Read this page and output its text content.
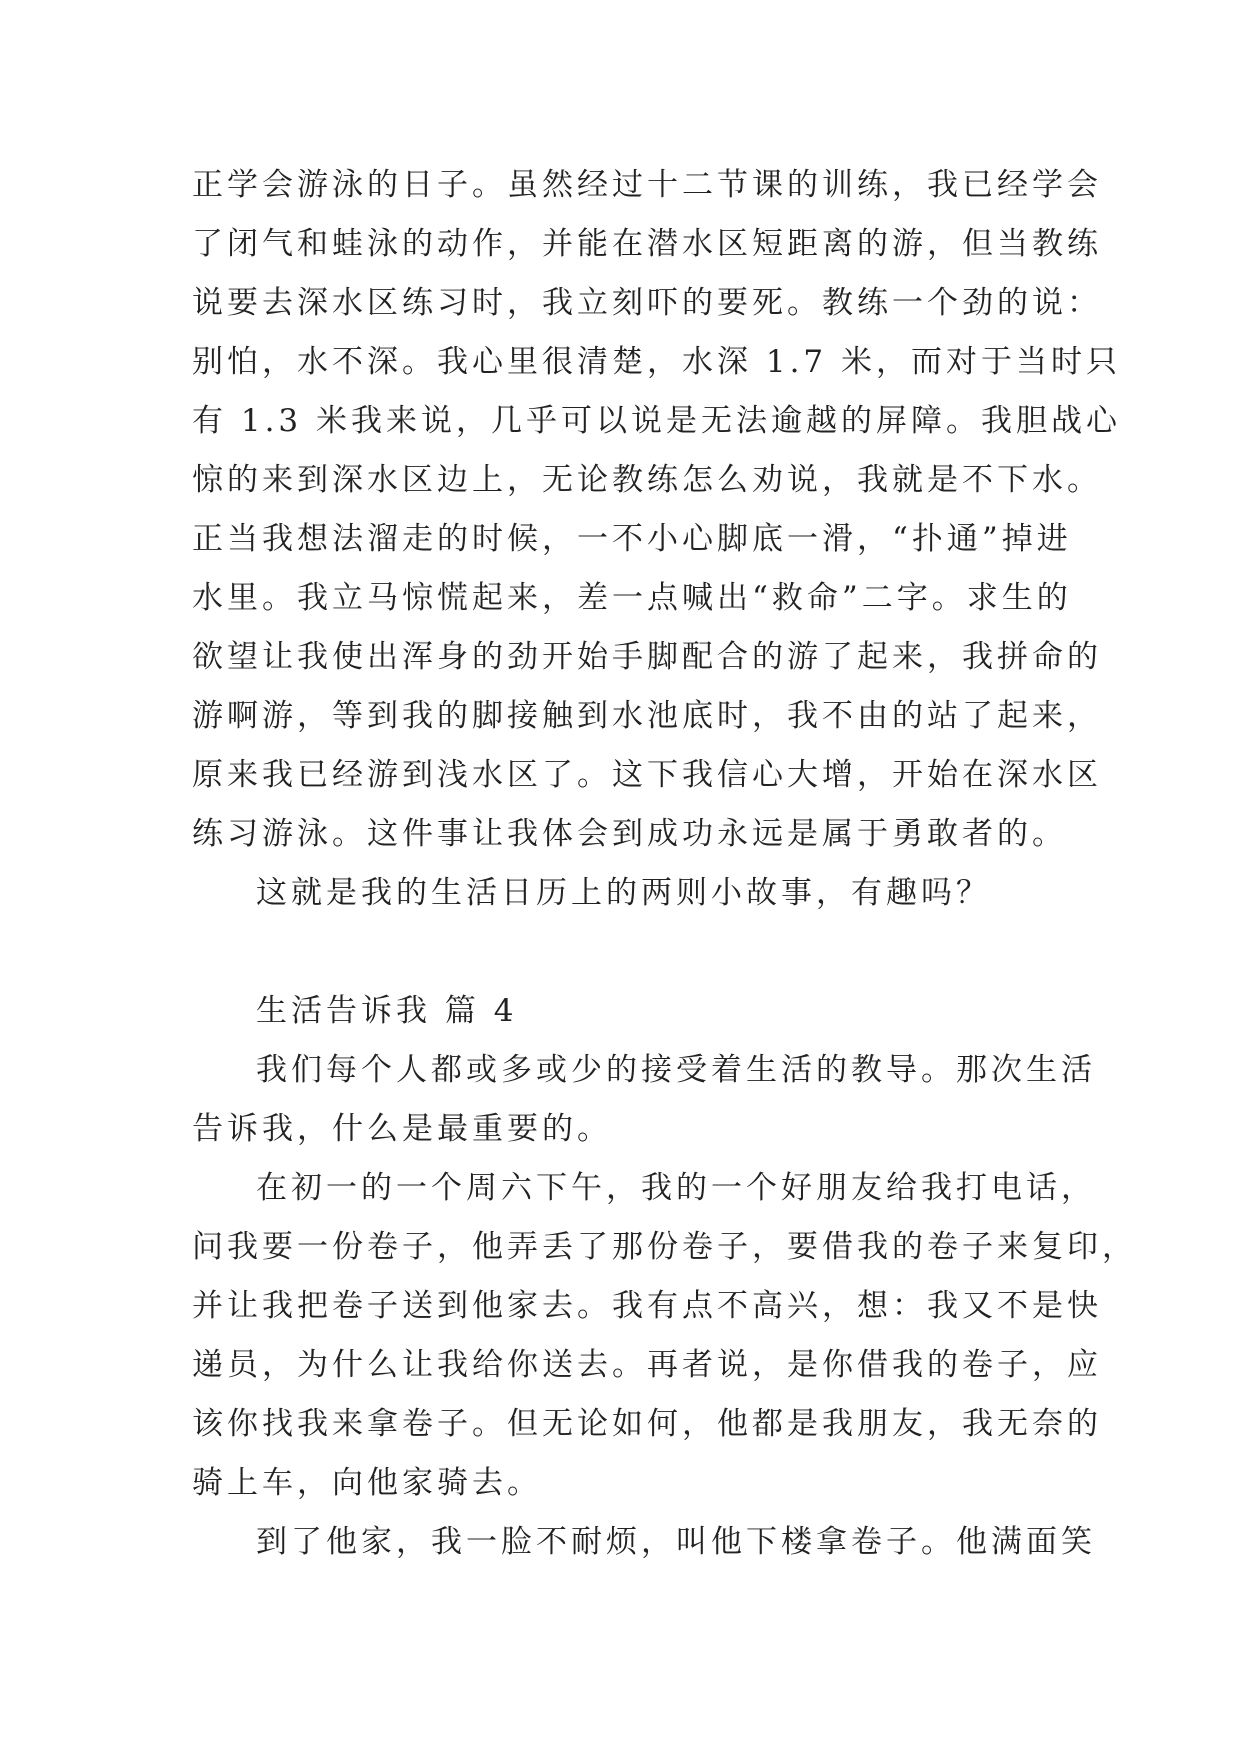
正学会游泳的日子。虽然经过十二节课的训练，我已经学会
了闭气和蛙泳的动作，并能在潜水区短距离的游，但当教练
说要去深水区练习时，我立刻吓的要死。教练一个劲的说：
别怕，水不深。我心里很清楚，水深 1.7 米，而对于当时只
有 1.3 米我来说，几乎可以说是无法逾越的屏障。我胆战心
惊的来到深水区边上，无论教练怎么劝说，我就是不下水。
正当我想法溜走的时候，一不小心脚底一滑，“扑通”掉进
水里。我立马惊慌起来，差一点喊出“救命”二字。求生的
欲望让我使出浑身的劲开始手脚配合的游了起来，我拼命的
游啊游，等到我的脚接触到水池底时，我不由的站了起来，
原来我已经游到浅水区了。这下我信心大增，开始在深水区
练习游泳。这件事让我体会到成功永远是属于勇敢者的。
这就是我的生活日历上的两则小故事，有趣吗？
生活告诉我 篇 4
我们每个人都或多或少的接受着生活的教导。那次生活
告诉我，什么是最重要的。
在初一的一个周六下午，我的一个好朋友给我打电话，
问我要一份卷子，他弄丢了那份卷子，要借我的卷子来复印，
并让我把卷子送到他家去。我有点不高兴，想：我又不是快
递员，为什么让我给你送去。再者说，是你借我的卷子，应
该你找我来拿卷子。但无论如何，他都是我朋友，我无奈的
骑上车，向他家骑去。
到了他家，我一脸不耐烦，叫他下楼拿卷子。他满面笑
